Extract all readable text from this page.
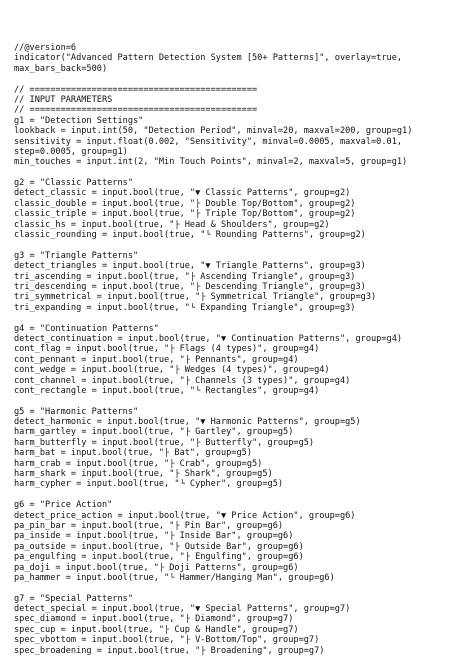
//@version=6
indicator("Advanced Pattern Detection System [50+ Patterns]", overlay=true,
max_bars_back=500)
// ============================================
// INPUT PARAMETERS
// ============================================
g1 = "Detection Settings"
lookback = input.int(50, "Detection Period", minval=20, maxval=200, group=g1)
sensitivity = input.float(0.002, "Sensitivity", minval=0.0005, maxval=0.01,
step=0.0005, group=g1)
min_touches = input.int(2, "Min Touch Points", minval=2, maxval=5, group=g1)
g2 = "Classic Patterns"
detect_classic = input.bool(true, "▼ Classic Patterns", group=g2)
classic_double = input.bool(true, "├ Double Top/Bottom", group=g2)
classic_triple = input.bool(true, "├ Triple Top/Bottom", group=g2)
classic_hs = input.bool(true, "├ Head & Shoulders", group=g2)
classic_rounding = input.bool(true, "└ Rounding Patterns", group=g2)
g3 = "Triangle Patterns"
detect_triangles = input.bool(true, "▼ Triangle Patterns", group=g3)
tri_ascending = input.bool(true, "├ Ascending Triangle", group=g3)
tri_descending = input.bool(true, "├ Descending Triangle", group=g3)
tri_symmetrical = input.bool(true, "├ Symmetrical Triangle", group=g3)
tri_expanding = input.bool(true, "└ Expanding Triangle", group=g3)
g4 = "Continuation Patterns"
detect_continuation = input.bool(true, "▼ Continuation Patterns", group=g4)
cont_flag = input.bool(true, "├ Flags (4 types)", group=g4)
cont_pennant = input.bool(true, "├ Pennants", group=g4)
cont_wedge = input.bool(true, "├ Wedges (4 types)", group=g4)
cont_channel = input.bool(true, "├ Channels (3 types)", group=g4)
cont_rectangle = input.bool(true, "└ Rectangles", group=g4)
g5 = "Harmonic Patterns"
detect_harmonic = input.bool(true, "▼ Harmonic Patterns", group=g5)
harm_gartley = input.bool(true, "├ Gartley", group=g5)
harm_butterfly = input.bool(true, "├ Butterfly", group=g5)
harm_bat = input.bool(true, "├ Bat", group=g5)
harm_crab = input.bool(true, "├ Crab", group=g5)
harm_shark = input.bool(true, "├ Shark", group=g5)
harm_cypher = input.bool(true, "└ Cypher", group=g5)
g6 = "Price Action"
detect_price_action = input.bool(true, "▼ Price Action", group=g6)
pa_pin_bar = input.bool(true, "├ Pin Bar", group=g6)
pa_inside = input.bool(true, "├ Inside Bar", group=g6)
pa_outside = input.bool(true, "├ Outside Bar", group=g6)
pa_engulfing = input.bool(true, "├ Engulfing", group=g6)
pa_doji = input.bool(true, "├ Doji Patterns", group=g6)
pa_hammer = input.bool(true, "└ Hammer/Hanging Man", group=g6)
g7 = "Special Patterns"
detect_special = input.bool(true, "▼ Special Patterns", group=g7)
spec_diamond = input.bool(true, "├ Diamond", group=g7)
spec_cup = input.bool(true, "├ Cup & Handle", group=g7)
spec_vbottom = input.bool(true, "├ V-Bottom/Top", group=g7)
spec_broadening = input.bool(true, "├ Broadening", group=g7)
